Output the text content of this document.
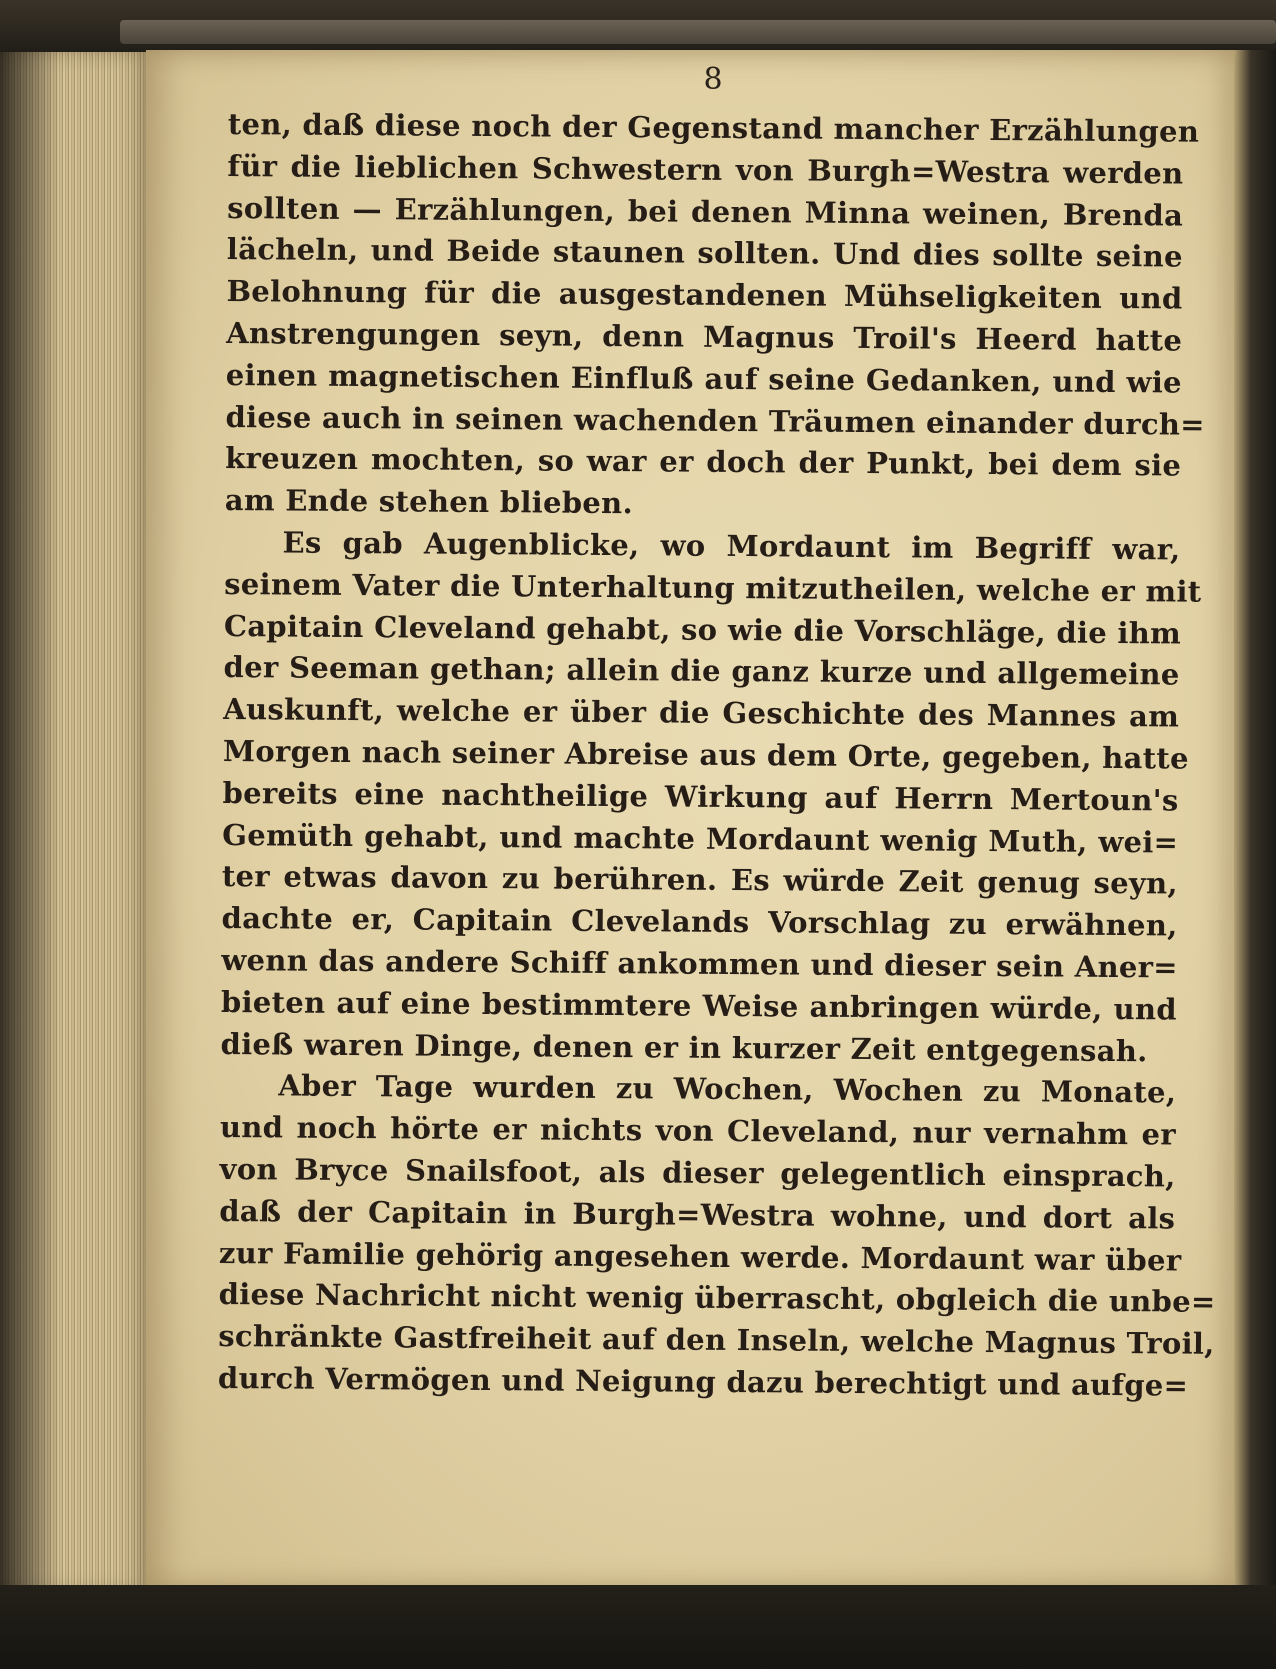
8
ten, daß diese noch der Gegenstand mancher Erzählungen
für die lieblichen Schwestern von Burgh=Westra werden
sollten — Erzählungen, bei denen Minna weinen, Brenda
lächeln, und Beide staunen sollten. Und dies sollte seine
Belohnung für die ausgestandenen Mühseligkeiten und
Anstrengungen seyn, denn Magnus Troil's Heerd hatte
einen magnetischen Einfluß auf seine Gedanken, und wie
diese auch in seinen wachenden Träumen einander durch=
kreuzen mochten, so war er doch der Punkt, bei dem sie
am Ende stehen blieben.
Es gab Augenblicke, wo Mordaunt im Begriff war,
seinem Vater die Unterhaltung mitzutheilen, welche er mit
Capitain Cleveland gehabt, so wie die Vorschläge, die ihm
der Seeman gethan; allein die ganz kurze und allgemeine
Auskunft, welche er über die Geschichte des Mannes am
Morgen nach seiner Abreise aus dem Orte, gegeben, hatte
bereits eine nachtheilige Wirkung auf Herrn Mertoun's
Gemüth gehabt, und machte Mordaunt wenig Muth, wei=
ter etwas davon zu berühren. Es würde Zeit genug seyn,
dachte er, Capitain Clevelands Vorschlag zu erwähnen,
wenn das andere Schiff ankommen und dieser sein Aner=
bieten auf eine bestimmtere Weise anbringen würde, und
dieß waren Dinge, denen er in kurzer Zeit entgegensah.
Aber Tage wurden zu Wochen, Wochen zu Monate,
und noch hörte er nichts von Cleveland, nur vernahm er
von Bryce Snailsfoot, als dieser gelegentlich einsprach,
daß der Capitain in Burgh=Westra wohne, und dort als
zur Familie gehörig angesehen werde. Mordaunt war über
diese Nachricht nicht wenig überrascht, obgleich die unbe=
schränkte Gastfreiheit auf den Inseln, welche Magnus Troil,
durch Vermögen und Neigung dazu berechtigt und aufge=
